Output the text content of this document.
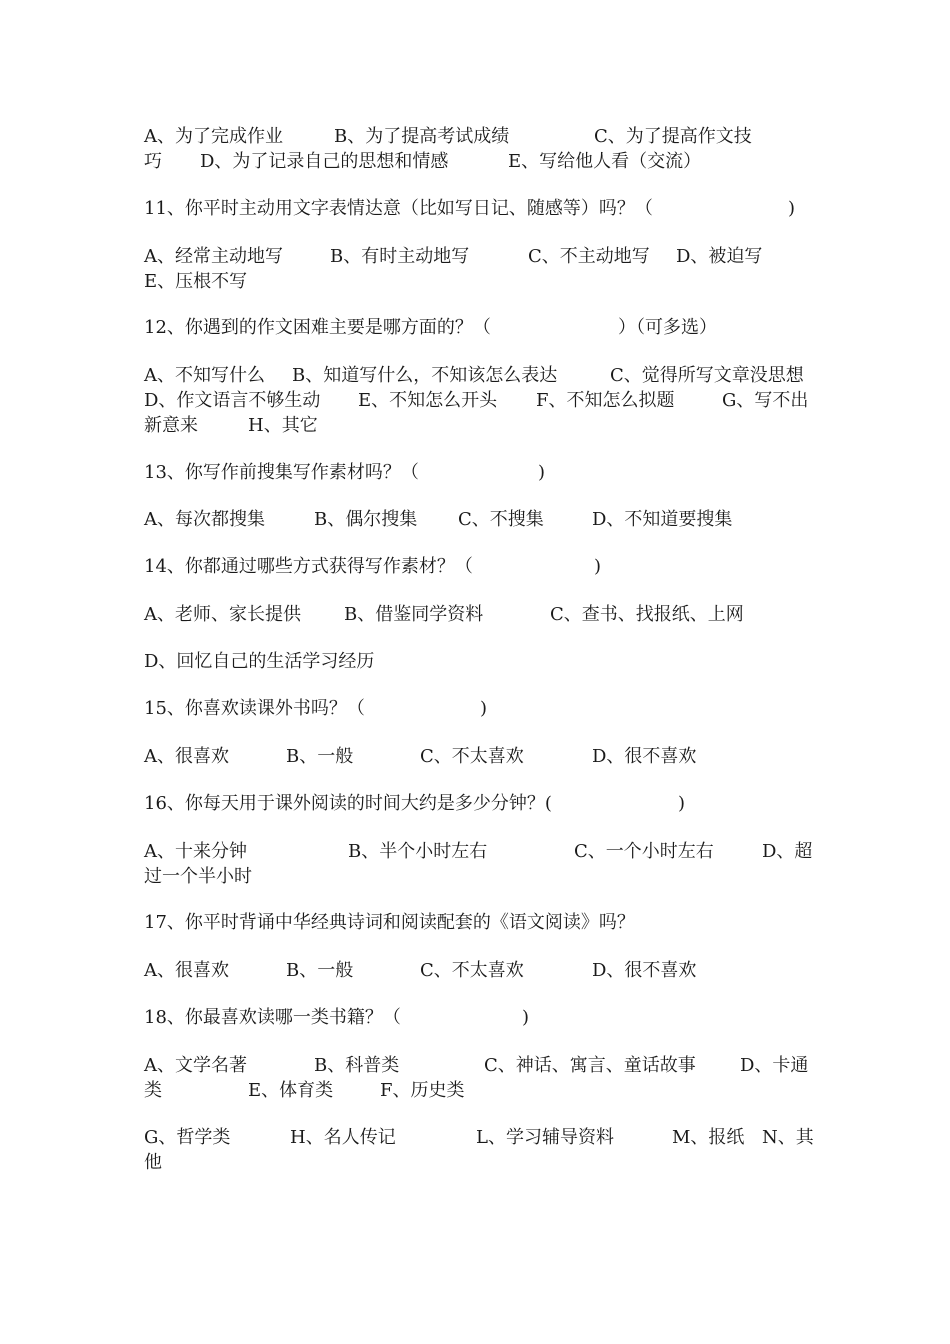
A、为了完成作业	B、为了提高考试成绩	C、为了提高作文技
巧 D、为了记录自己的思想和情感	E、写给他人看（交流）
11、你平时主动用文字表情达意（比如写日记、随感等）吗？（	)
A、经常主动地写	B、有时主动地写	C、不主动地写 D、被迫写
E、压根不写
12、你遇到的作文困难主要是哪方面的？（	）（可多选）
A、不知写什么 B、知道写什么，不知该怎么表达	C、觉得所写文章没思想
D、作文语言不够生动 E、不知怎么开头 F、不知怎么拟题	G、写不出
新意来	H、其它
13、你写作前搜集写作素材吗？（	)
A、每次都搜集	B、偶尔搜集 C、不搜集	D、不知道要搜集
14、你都通过哪些方式获得写作素材？（	)
A、老师、家长提供 B、借鉴同学资料	C、查书、找报纸、上网
D、回忆自己的生活学习经历
15、你喜欢读课外书吗？（	)
A、很喜欢	B、一般	C、不太喜欢	D、很不喜欢
16、你每天用于课外阅读的时间大约是多少分钟？(	)
A、十来分钟	B、半个小时左右	C、一个小时左右	D、超
过一个半小时
17、你平时背诵中华经典诗词和阅读配套的《语文阅读》吗？
A、很喜欢	B、一般	C、不太喜欢	D、很不喜欢
18、你最喜欢读哪一类书籍？（	)
A、文学名著	B、科普类	C、神话、寓言、童话故事 D、卡通
类	E、体育类	F、历史类
G、哲学类	H、名人传记	L、学习辅导资料	M、报纸 N、其
他
